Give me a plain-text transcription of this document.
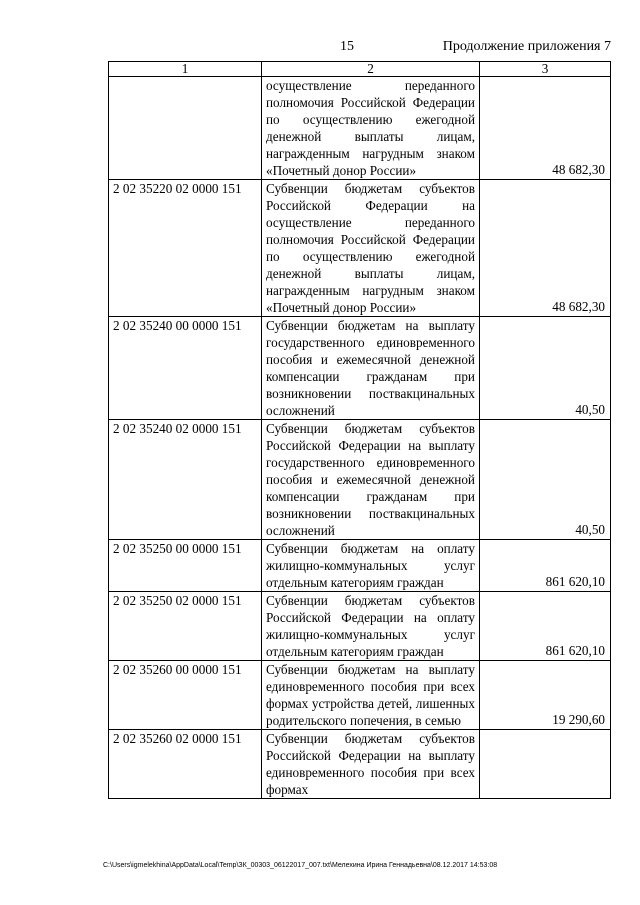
15	Продолжение приложения 7
1	2	3
	осуществление переданного полномочия Российской Федерации по осуществлению ежегодной денежной выплаты лицам, награжденным нагрудным знаком «Почетный донор России»	48 682,30
2 02 35220 02 0000 151	Субвенции бюджетам субъектов Российской Федерации на осуществление переданного полномочия Российской Федерации по осуществлению ежегодной денежной выплаты лицам, награжденным нагрудным знаком «Почетный донор России»	48 682,30
2 02 35240 00 0000 151	Субвенции бюджетам на выплату государственного единовременного пособия и ежемесячной денежной компенсации гражданам при возникновении поствакцинальных осложнений	40,50
2 02 35240 02 0000 151	Субвенции бюджетам субъектов Российской Федерации на выплату государственного единовременного пособия и ежемесячной денежной компенсации гражданам при возникновении поствакцинальных осложнений	40,50
2 02 35250 00 0000 151	Субвенции бюджетам на оплату жилищно-коммунальных услуг отдельным категориям граждан	861 620,10
2 02 35250 02 0000 151	Субвенции бюджетам субъектов Российской Федерации на оплату жилищно-коммунальных услуг отдельным категориям граждан	861 620,10
2 02 35260 00 0000 151	Субвенции бюджетам на выплату единовременного пособия при всех формах устройства детей, лишенных родительского попечения, в семью	19 290,60
2 02 35260 02 0000 151	Субвенции бюджетам субъектов Российской Федерации на выплату единовременного пособия при всех формах	
C:\Users\igmelekhina\AppData\Local\Temp\ЗК_00303_06122017_007.txt\Мелехина Ирина Геннадьевна\08.12.2017 14:53:08
